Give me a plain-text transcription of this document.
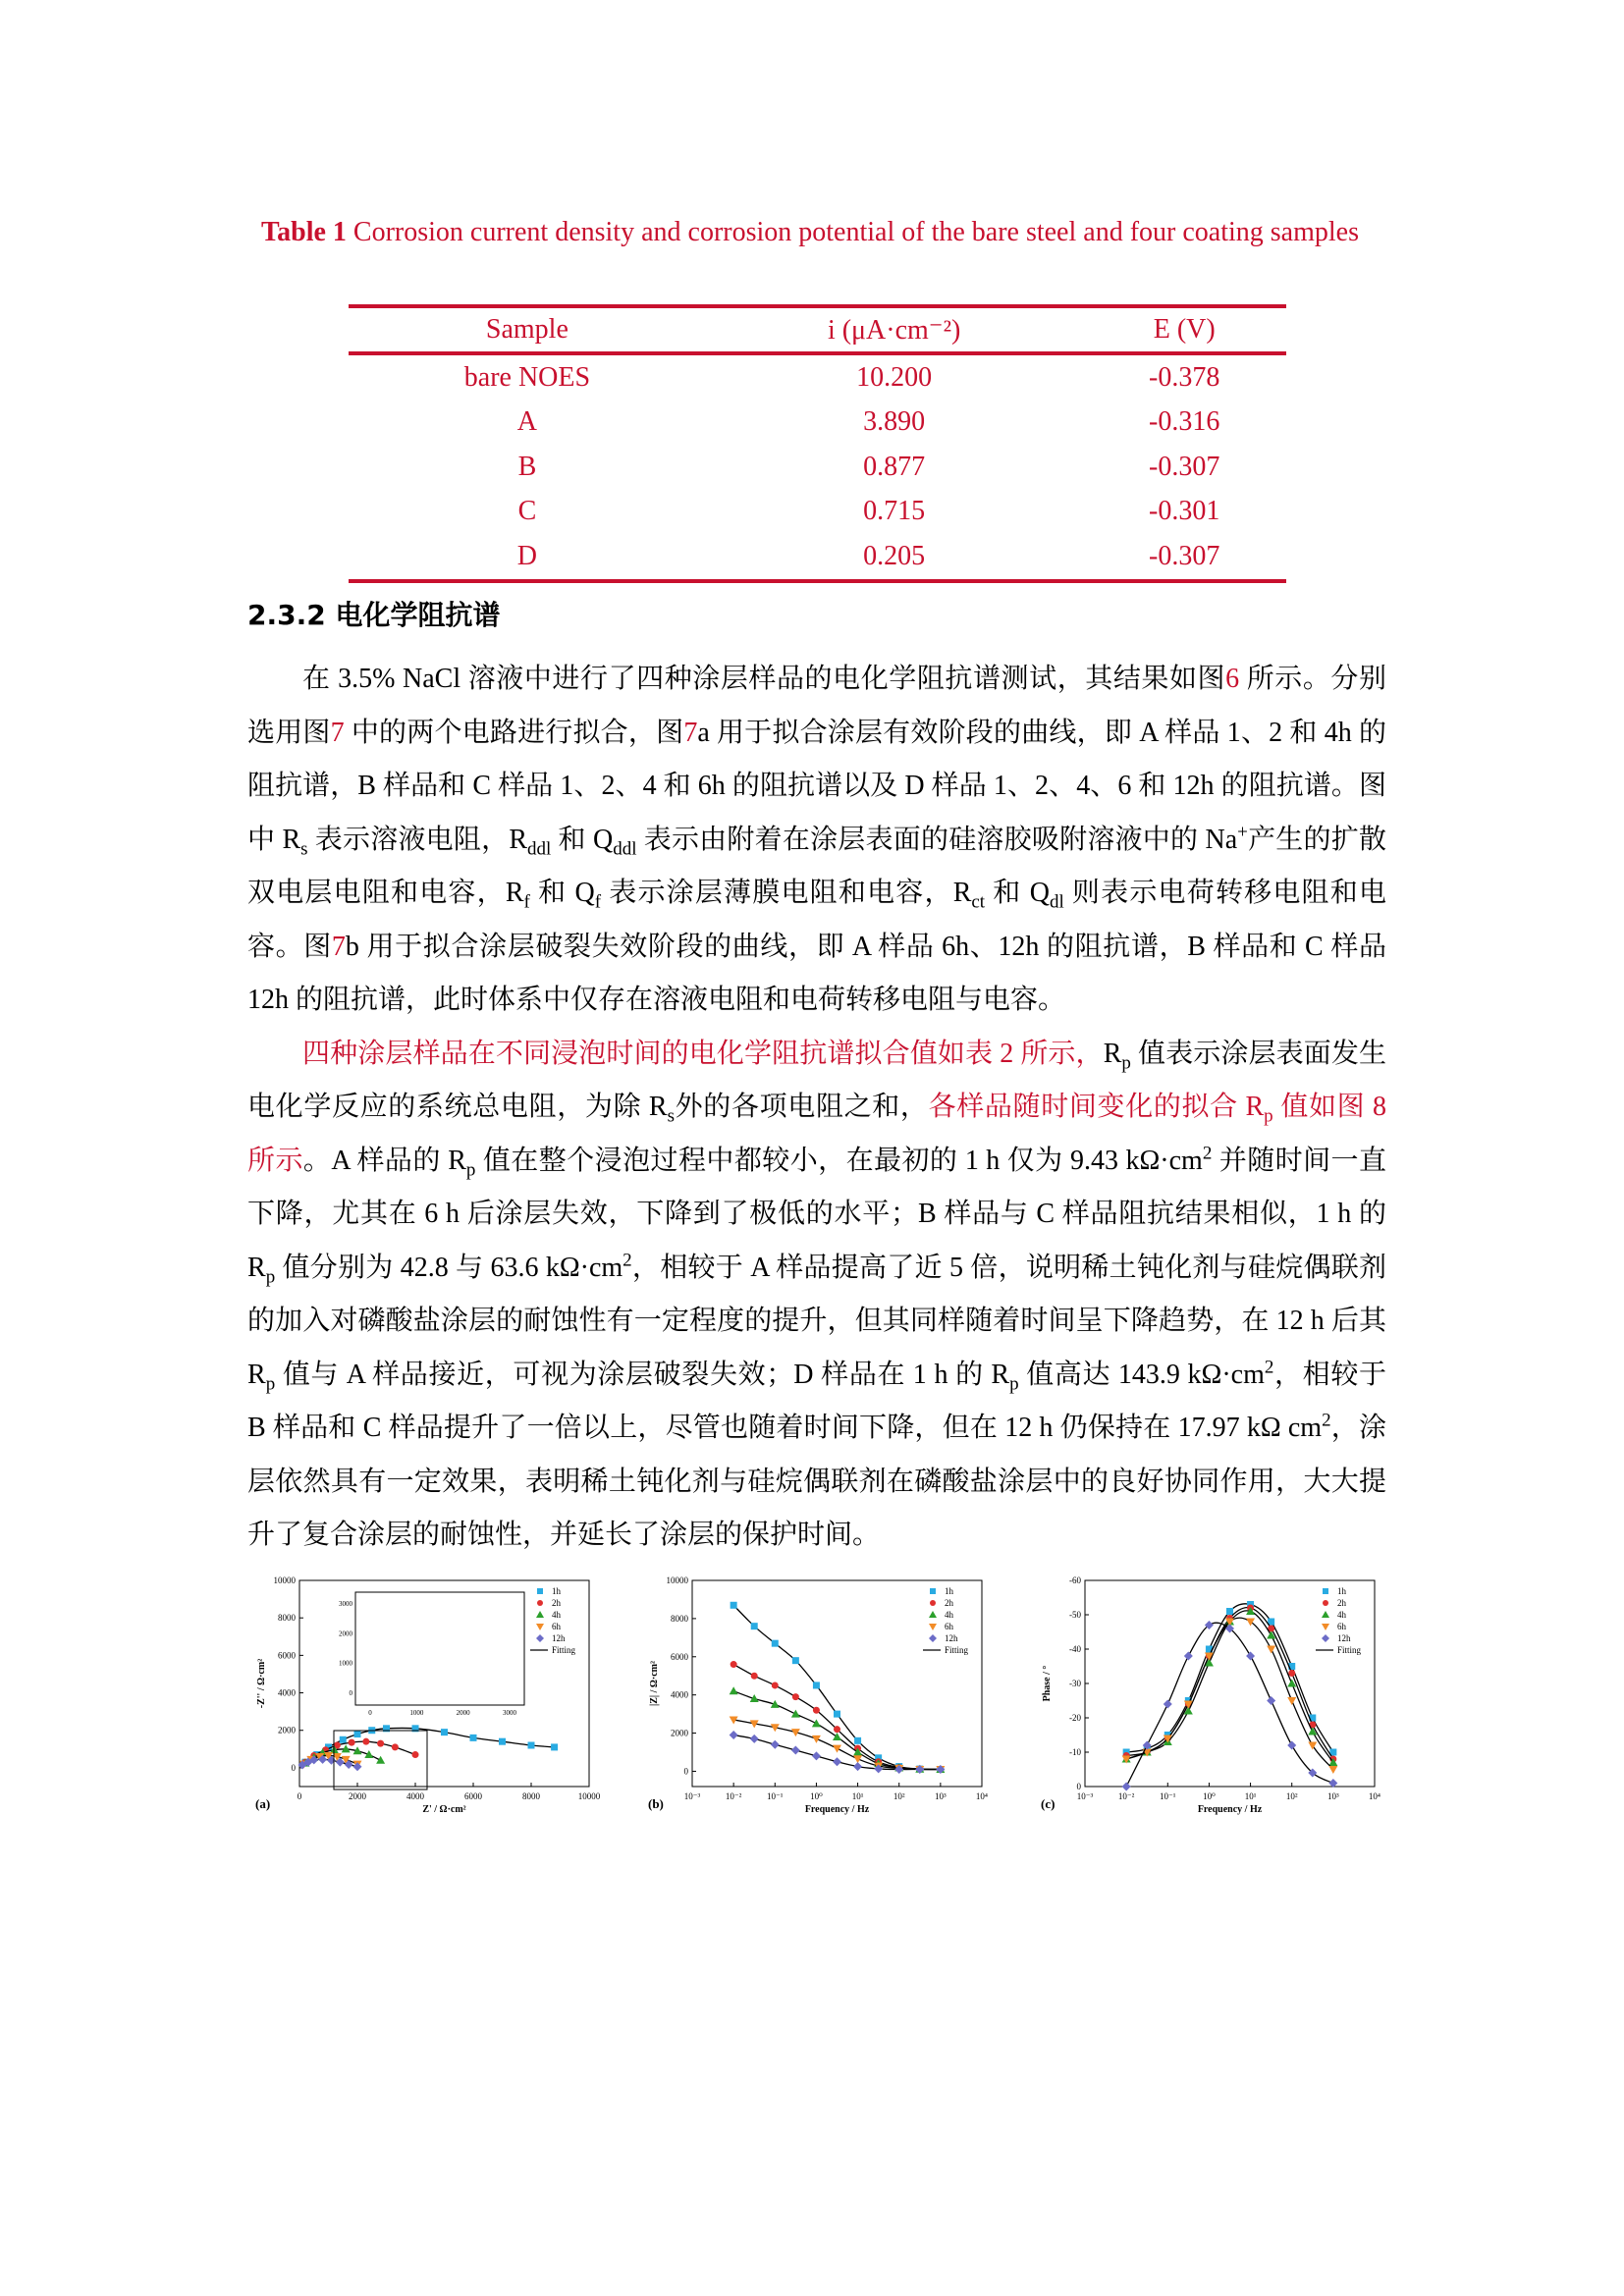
Table 1 Corrosion current density and corrosion potential of the bare steel and four coating samples
Sample	i (μA·cm⁻²)	E (V)
bare NOES	10.200	-0.378
A	3.890	-0.316
B	0.877	-0.307
C	0.715	-0.301
D	0.205	-0.307
2.3.2 电化学阻抗谱

在 3.5% NaCl 溶液中进行了四种涂层样品的电化学阻抗谱测试，其结果如图6 所示。分别选用图7 中的两个电路进行拟合，图7a 用于拟合涂层有效阶段的曲线，即 A 样品 1、2 和 4h 的阻抗谱，B 样品和 C 样品 1、2、4 和 6h 的阻抗谱以及 D 样品 1、2、4、6 和 12h 的阻抗谱。图中 $R_s$ 表示溶液电阻，$R_{ddl}$ 和 $Q_{ddl}$ 表示由附着在涂层表面的硅溶胶吸附溶液中的 Na+产生的扩散双电层电阻和电容，$R_f$ 和 $Q_f$ 表示涂层薄膜电阻和电容，$R_{ct}$ 和 $Q_{dl}$ 则表示电荷转移电阻和电容。图7b 用于拟合涂层破裂失效阶段的曲线，即 A 样品 6h、12h 的阻抗谱，B 样品和 C 样品 12h 的阻抗谱，此时体系中仅存在溶液电阻和电荷转移电阻与电容。

四种涂层样品在不同浸泡时间的电化学阻抗谱拟合值如表 2 所示，$R_p$ 值表示涂层表面发生电化学反应的系统总电阻，为除 $R_s$外的各项电阻之和，各样品随时间变化的拟合 $R_p$ 值如图 8 所示。A 样品的 $R_p$ 值在整个浸泡过程中都较小，在最初的 1 h 仅为 9.43 $k\Omega\cdot cm^2$ 并随时间一直下降，尤其在 6 h 后涂层失效，下降到了极低的水平；B 样品与 C 样品阻抗结果相似，1 h 的 $R_p$ 值分别为 42.8 与 63.6 $k\Omega\cdot cm^2$，相较于 A 样品提高了近 5 倍，说明稀土钝化剂与硅烷偶联剂的加入对磷酸盐涂层的耐蚀性有一定程度的提升，但其同样随着时间呈下降趋势，在 12 h 后其 $R_p$ 值与 A 样品接近，可视为涂层破裂失效；D 样品在 1 h 的 $R_p$ 值高达 143.9 $k\Omega\cdot cm^2$，相较于 B 样品和 C 样品提升了一倍以上，尽管也随着时间下降，但在 12 h 仍保持在 17.97 kΩ $cm^2$，涂层依然具有一定效果，表明稀土钝化剂与硅烷偶联剂在磷酸盐涂层中的良好协同作用，大大提升了复合涂层的耐蚀性，并延长了涂层的保护时间。

0	2000	4000	6000	8000	10000
0
2000
4000
6000
8000
10000
Z' / Ω·cm²
-Z'' / Ω·cm²
(a)
1h
2h
4h
6h
12h
Fitting
0	1000	2000	3000
0
1000
2000
3000
10⁻³	10⁻²	10⁻¹	10⁰	10¹	10²	10³	10⁴
0
2000
4000
6000
8000
10000
Frequency / Hz
|Z| / Ω·cm²
(b)
1h
2h
4h
6h
12h
Fitting
10⁻³	10⁻²	10⁻¹	10⁰	10¹	10²	10³	10⁴
0
-10
-20
-30
-40
-50
-60
Frequency / Hz
Phase / °
(c)
1h
2h
4h
6h
12h
Fitting
